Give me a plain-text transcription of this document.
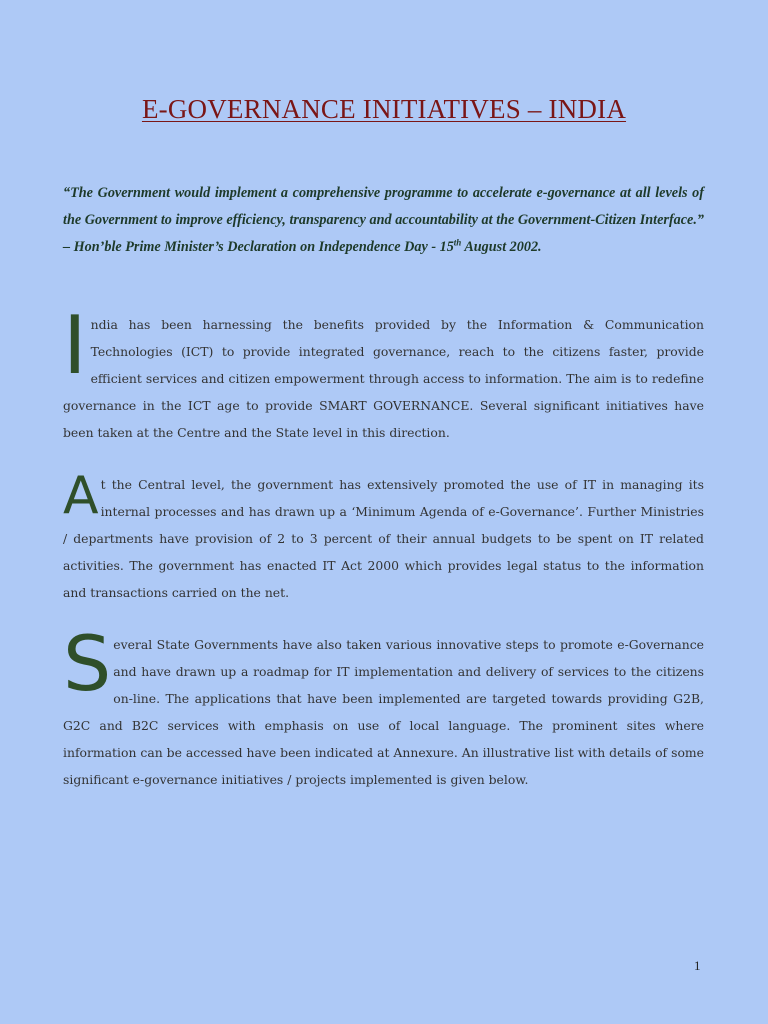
E-GOVERNANCE INITIATIVES – INDIA

“The Government would implement a comprehensive programme to accelerate e-governance at all levels of the Government to improve efficiency, transparency and accountability at the Government-Citizen Interface.” – Hon’ble Prime Minister’s Declaration on Independence Day - 15th August 2002.

India has been harnessing the benefits provided by the Information & Communication Technologies (ICT) to provide integrated governance, reach to the citizens faster, provide efficient services and citizen empowerment through access to information. The aim is to redefine governance in the ICT age to provide SMART GOVERNANCE. Several significant initiatives have been taken at the Centre and the State level in this direction.

At the Central level, the government has extensively promoted the use of IT in managing its internal processes and has drawn up a ‘Minimum Agenda of e-Governance’. Further Ministries / departments have provision of 2 to 3 percent of their annual budgets to be spent on IT related activities. The government has enacted IT Act 2000 which provides legal status to the information and transactions carried on the net.

Several State Governments have also taken various innovative steps to promote e-Governance and have drawn up a roadmap for IT implementation and delivery of services to the citizens on-line. The applications that have been implemented are targeted towards providing G2B, G2C and B2C services with emphasis on use of local language. The prominent sites where information can be accessed have been indicated at Annexure. An illustrative list with details of some significant e-governance initiatives / projects implemented is given below.

1
